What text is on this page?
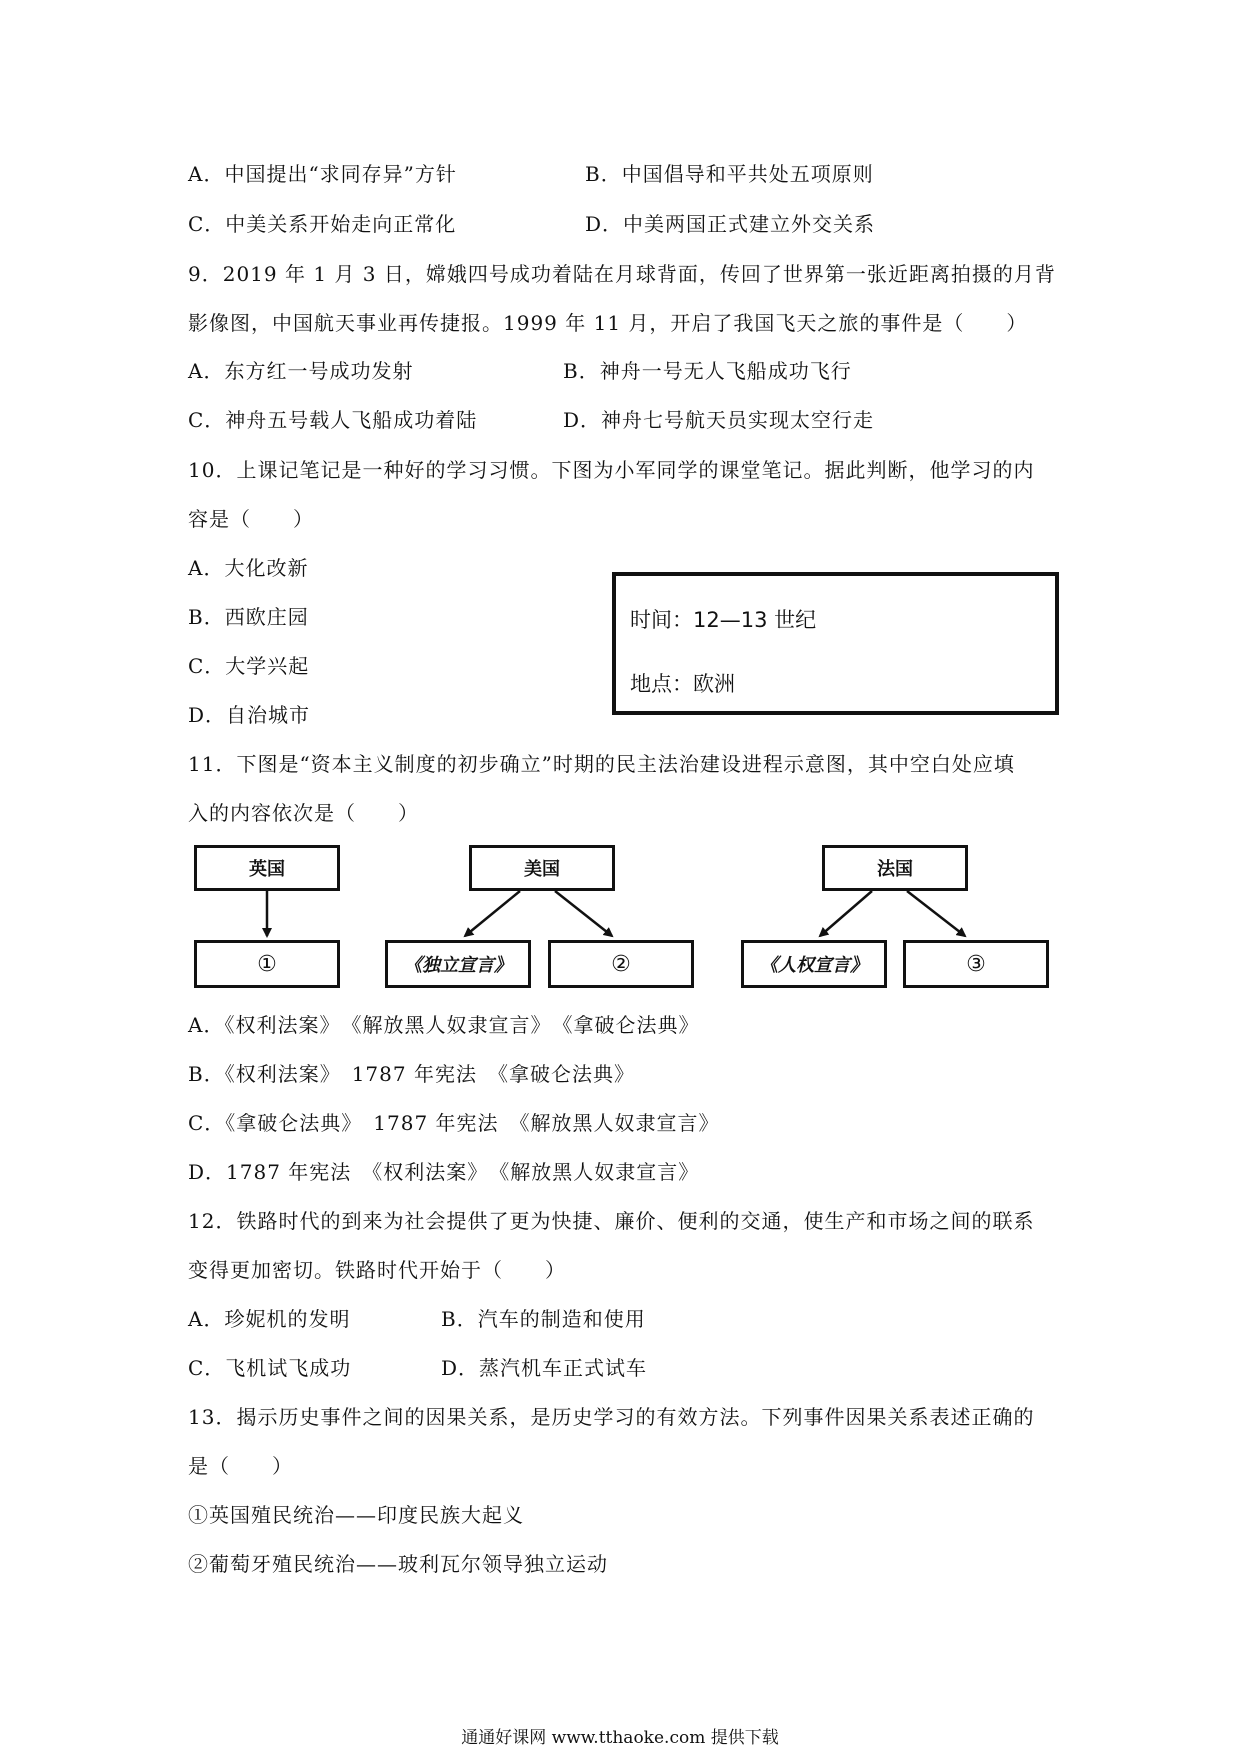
A．中国提出“求同存异”方针	B．中国倡导和平共处五项原则
C．中美关系开始走向正常化	D．中美两国正式建立外交关系
9．2019 年 1 月 3 日，嫦娥四号成功着陆在月球背面，传回了世界第一张近距离拍摄的月背
影像图，中国航天事业再传捷报。1999 年 11 月，开启了我国飞天之旅的事件是（　　）
A．东方红一号成功发射	B．神舟一号无人飞船成功飞行
C．神舟五号载人飞船成功着陆	D．神舟七号航天员实现太空行走
10．上课记笔记是一种好的学习习惯。下图为小军同学的课堂笔记。据此判断，他学习的内
容是（　　）
A．大化改新
B．西欧庄园
C．大学兴起
D．自治城市
时间：12—13 世纪
地点：欧洲
11．下图是“资本主义制度的初步确立”时期的民主法治建设进程示意图，其中空白处应填
入的内容依次是（　　）
英国	美国	法国
①	《独立宣言》	②	《人权宣言》	③
A．《权利法案》　《解放黑人奴隶宣言》　《拿破仑法典》
B．《权利法案》　1787 年宪法　《拿破仑法典》
C．《拿破仑法典》　1787 年宪法　《解放黑人奴隶宣言》
D．1787 年宪法　《权利法案》　《解放黑人奴隶宣言》
12．铁路时代的到来为社会提供了更为快捷、廉价、便利的交通，使生产和市场之间的联系
变得更加密切。铁路时代开始于（　　）
A．珍妮机的发明	B．汽车的制造和使用
C．飞机试飞成功	D．蒸汽机车正式试车
13．揭示历史事件之间的因果关系，是历史学习的有效方法。下列事件因果关系表述正确的
是（　　）
①英国殖民统治——印度民族大起义
②葡萄牙殖民统治——玻利瓦尔领导独立运动
通通好课网 www.tthaoke.com 提供下载
